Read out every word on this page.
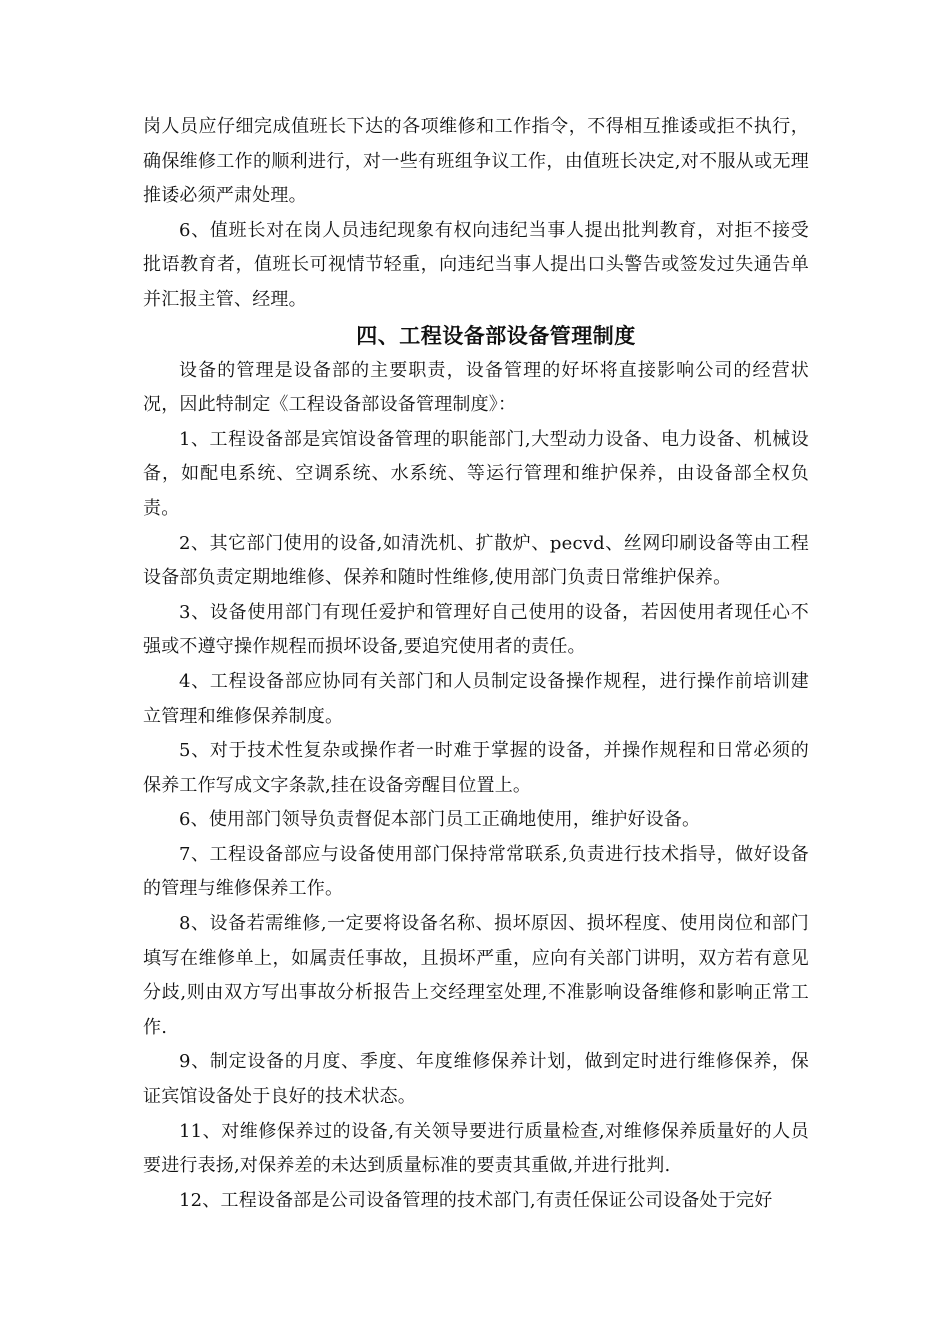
岗人员应仔细完成值班长下达的各项维修和工作指令，不得相互推诿或拒不执行，确保维修工作的顺利进行，对一些有班组争议工作，由值班长决定,对不服从或无理推诿必须严肃处理。

6、值班长对在岗人员违纪现象有权向违纪当事人提出批判教育，对拒不接受批语教育者，值班长可视情节轻重，向违纪当事人提出口头警告或签发过失通告单并汇报主管、经理。

四、工程设备部设备管理制度

设备的管理是设备部的主要职责，设备管理的好坏将直接影响公司的经营状况，因此特制定《工程设备部设备管理制度》：

1、工程设备部是宾馆设备管理的职能部门,大型动力设备、电力设备、机械设备，如配电系统、空调系统、水系统、等运行管理和维护保养，由设备部全权负责。

2、其它部门使用的设备,如清洗机、扩散炉、pecvd、丝网印刷设备等由工程设备部负责定期地维修、保养和随时性维修,使用部门负责日常维护保养。

3、设备使用部门有现任爱护和管理好自己使用的设备，若因使用者现任心不强或不遵守操作规程而损坏设备,要追究使用者的责任。

4、工程设备部应协同有关部门和人员制定设备操作规程，进行操作前培训建立管理和维修保养制度。

5、对于技术性复杂或操作者一时难于掌握的设备，并操作规程和日常必须的保养工作写成文字条款,挂在设备旁醒目位置上。

6、使用部门领导负责督促本部门员工正确地使用，维护好设备。

7、工程设备部应与设备使用部门保持常常联系,负责进行技术指导，做好设备的管理与维修保养工作。

8、设备若需维修,一定要将设备名称、损坏原因、损坏程度、使用岗位和部门填写在维修单上，如属责任事故，且损坏严重，应向有关部门讲明，双方若有意见分歧,则由双方写出事故分析报告上交经理室处理,不准影响设备维修和影响正常工作.

9、制定设备的月度、季度、年度维修保养计划，做到定时进行维修保养，保证宾馆设备处于良好的技术状态。

11、对维修保养过的设备,有关领导要进行质量检查,对维修保养质量好的人员要进行表扬,对保养差的未达到质量标准的要责其重做,并进行批判.

12、工程设备部是公司设备管理的技术部门,有责任保证公司设备处于完好
